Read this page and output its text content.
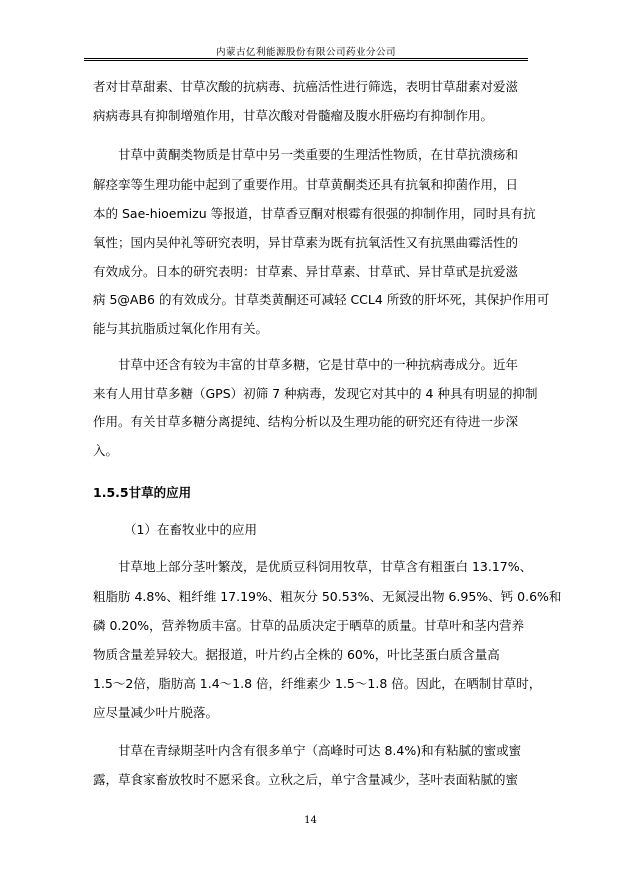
内蒙古亿利能源股份有限公司药业分公司
者对甘草甜素、甘草次酸的抗病毒、抗癌活性进行筛选，表明甘草甜素对爱滋
病病毒具有抑制增殖作用，甘草次酸对骨髓瘤及腹水肝癌均有抑制作用。
甘草中黄酮类物质是甘草中另一类重要的生理活性物质，在甘草抗溃疡和
解痉挛等生理功能中起到了重要作用。甘草黄酮类还具有抗氧和抑菌作用，日
本的 Sae-hioemizu 等报道，甘草香豆酮对根霉有很强的抑制作用，同时具有抗
氧性；国内吴仲礼等研究表明，异甘草素为既有抗氧活性又有抗黑曲霉活性的
有效成分。日本的研究表明：甘草素、异甘草素、甘草甙、异甘草甙是抗爱滋
病 5@AB6 的有效成分。甘草类黄酮还可减轻 CCL4 所致的肝坏死，其保护作用可
能与其抗脂质过氧化作用有关。
甘草中还含有较为丰富的甘草多糖，它是甘草中的一种抗病毒成分。近年
来有人用甘草多糖（GPS）初筛 7 种病毒，发现它对其中的 4 种具有明显的抑制
作用。有关甘草多糖分离提纯、结构分析以及生理功能的研究还有待进一步深
入。
1.5.5甘草的应用
（1）在畜牧业中的应用
甘草地上部分茎叶繁茂，是优质豆科饲用牧草，甘草含有粗蛋白 13.17%、
粗脂肪 4.8%、粗纤维 17.19%、粗灰分 50.53%、无氮浸出物 6.95%、钙 0.6%和
磷 0.20%，营养物质丰富。甘草的品质决定于晒草的质量。甘草叶和茎内营养
物质含量差异较大。据报道，叶片约占全株的 60%，叶比茎蛋白质含量高
1.5～2倍，脂肪高 1.4～1.8 倍，纤维素少 1.5～1.8 倍。因此，在晒制甘草时，
应尽量减少叶片脱落。
甘草在青绿期茎叶内含有很多单宁（高峰时可达 8.4%)和有粘腻的蜜或蜜
露，草食家畜放牧时不愿采食。立秋之后，单宁含量减少，茎叶表面粘腻的蜜
14
